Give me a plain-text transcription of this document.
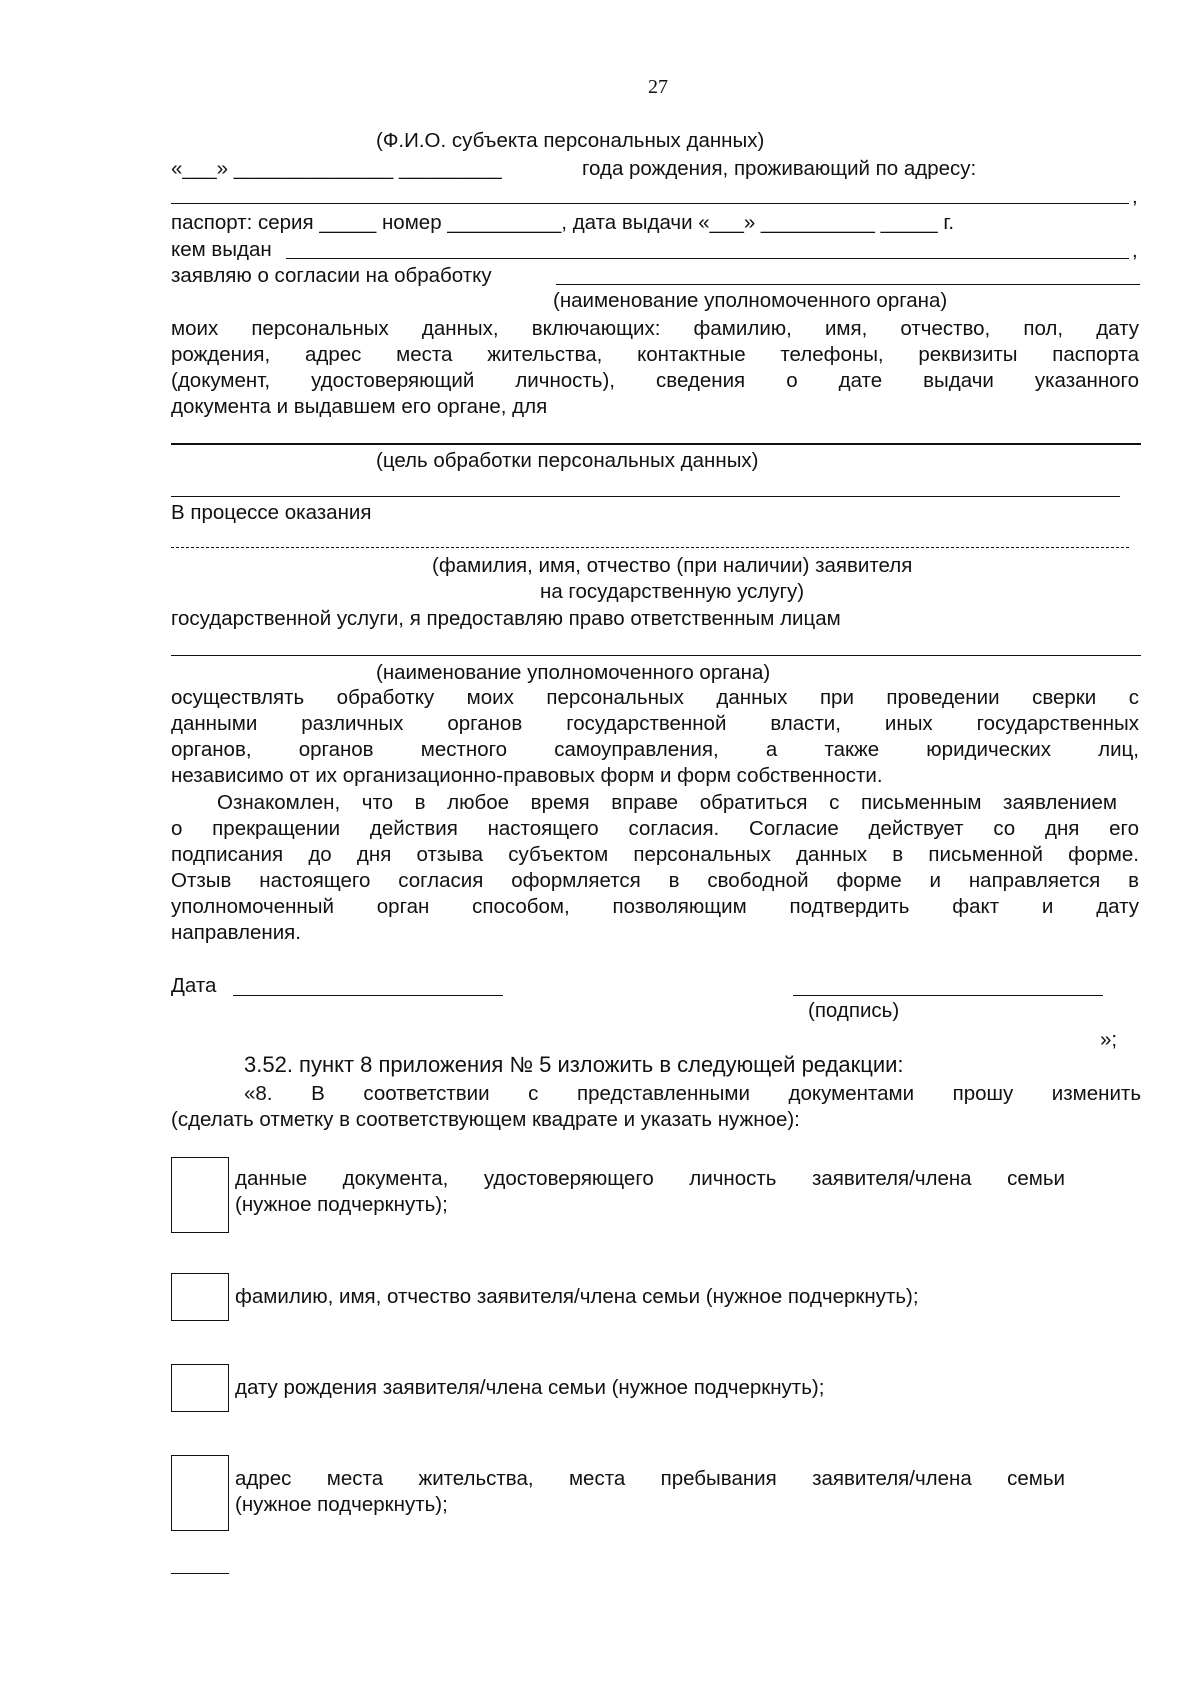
27
(Ф.И.О. субъекта персональных данных)
«___» ______________ _________	года рождения, проживающий по адресу:
,
паспорт: серия _____ номер __________, дата выдачи «___» __________ _____ г.
кем выдан	,
заявляю о согласии на обработку
(наименование уполномоченного органа)
моих персональных данных, включающих: фамилию, имя, отчество, пол, дату
рождения, адрес места жительства, контактные телефоны, реквизиты паспорта
(документ, удостоверяющий личность), сведения о дате выдачи указанного
документа и выдавшем его органе, для
(цель обработки персональных данных)
В процессе оказания
(фамилия, имя, отчество (при наличии) заявителя
на государственную услугу)
государственной услуги, я предоставляю право ответственным лицам
(наименование уполномоченного органа)
осуществлять обработку моих персональных данных при проведении сверки с
данными различных органов государственной власти, иных государственных
органов, органов местного самоуправления, а также юридических лиц,
независимо от их организационно-правовых форм и форм собственности.
Ознакомлен, что в любое время вправе обратиться с письменным заявлением
о прекращении действия настоящего согласия. Согласие действует со дня его
подписания до дня отзыва субъектом персональных данных в письменной форме.
Отзыв настоящего согласия оформляется в свободной форме и направляется в
уполномоченный орган способом, позволяющим подтвердить факт и дату
направления.
Дата
(подпись)
»;
3.52. пункт 8 приложения № 5 изложить в следующей редакции:
«8. В соответствии с представленными документами прошу изменить
(сделать отметку в соответствующем квадрате и указать нужное):
данные документа, удостоверяющего личность заявителя/члена семьи
(нужное подчеркнуть);
фамилию, имя, отчество заявителя/члена семьи (нужное подчеркнуть);
дату рождения заявителя/члена семьи (нужное подчеркнуть);
адрес места жительства, места пребывания заявителя/члена семьи
(нужное подчеркнуть);
